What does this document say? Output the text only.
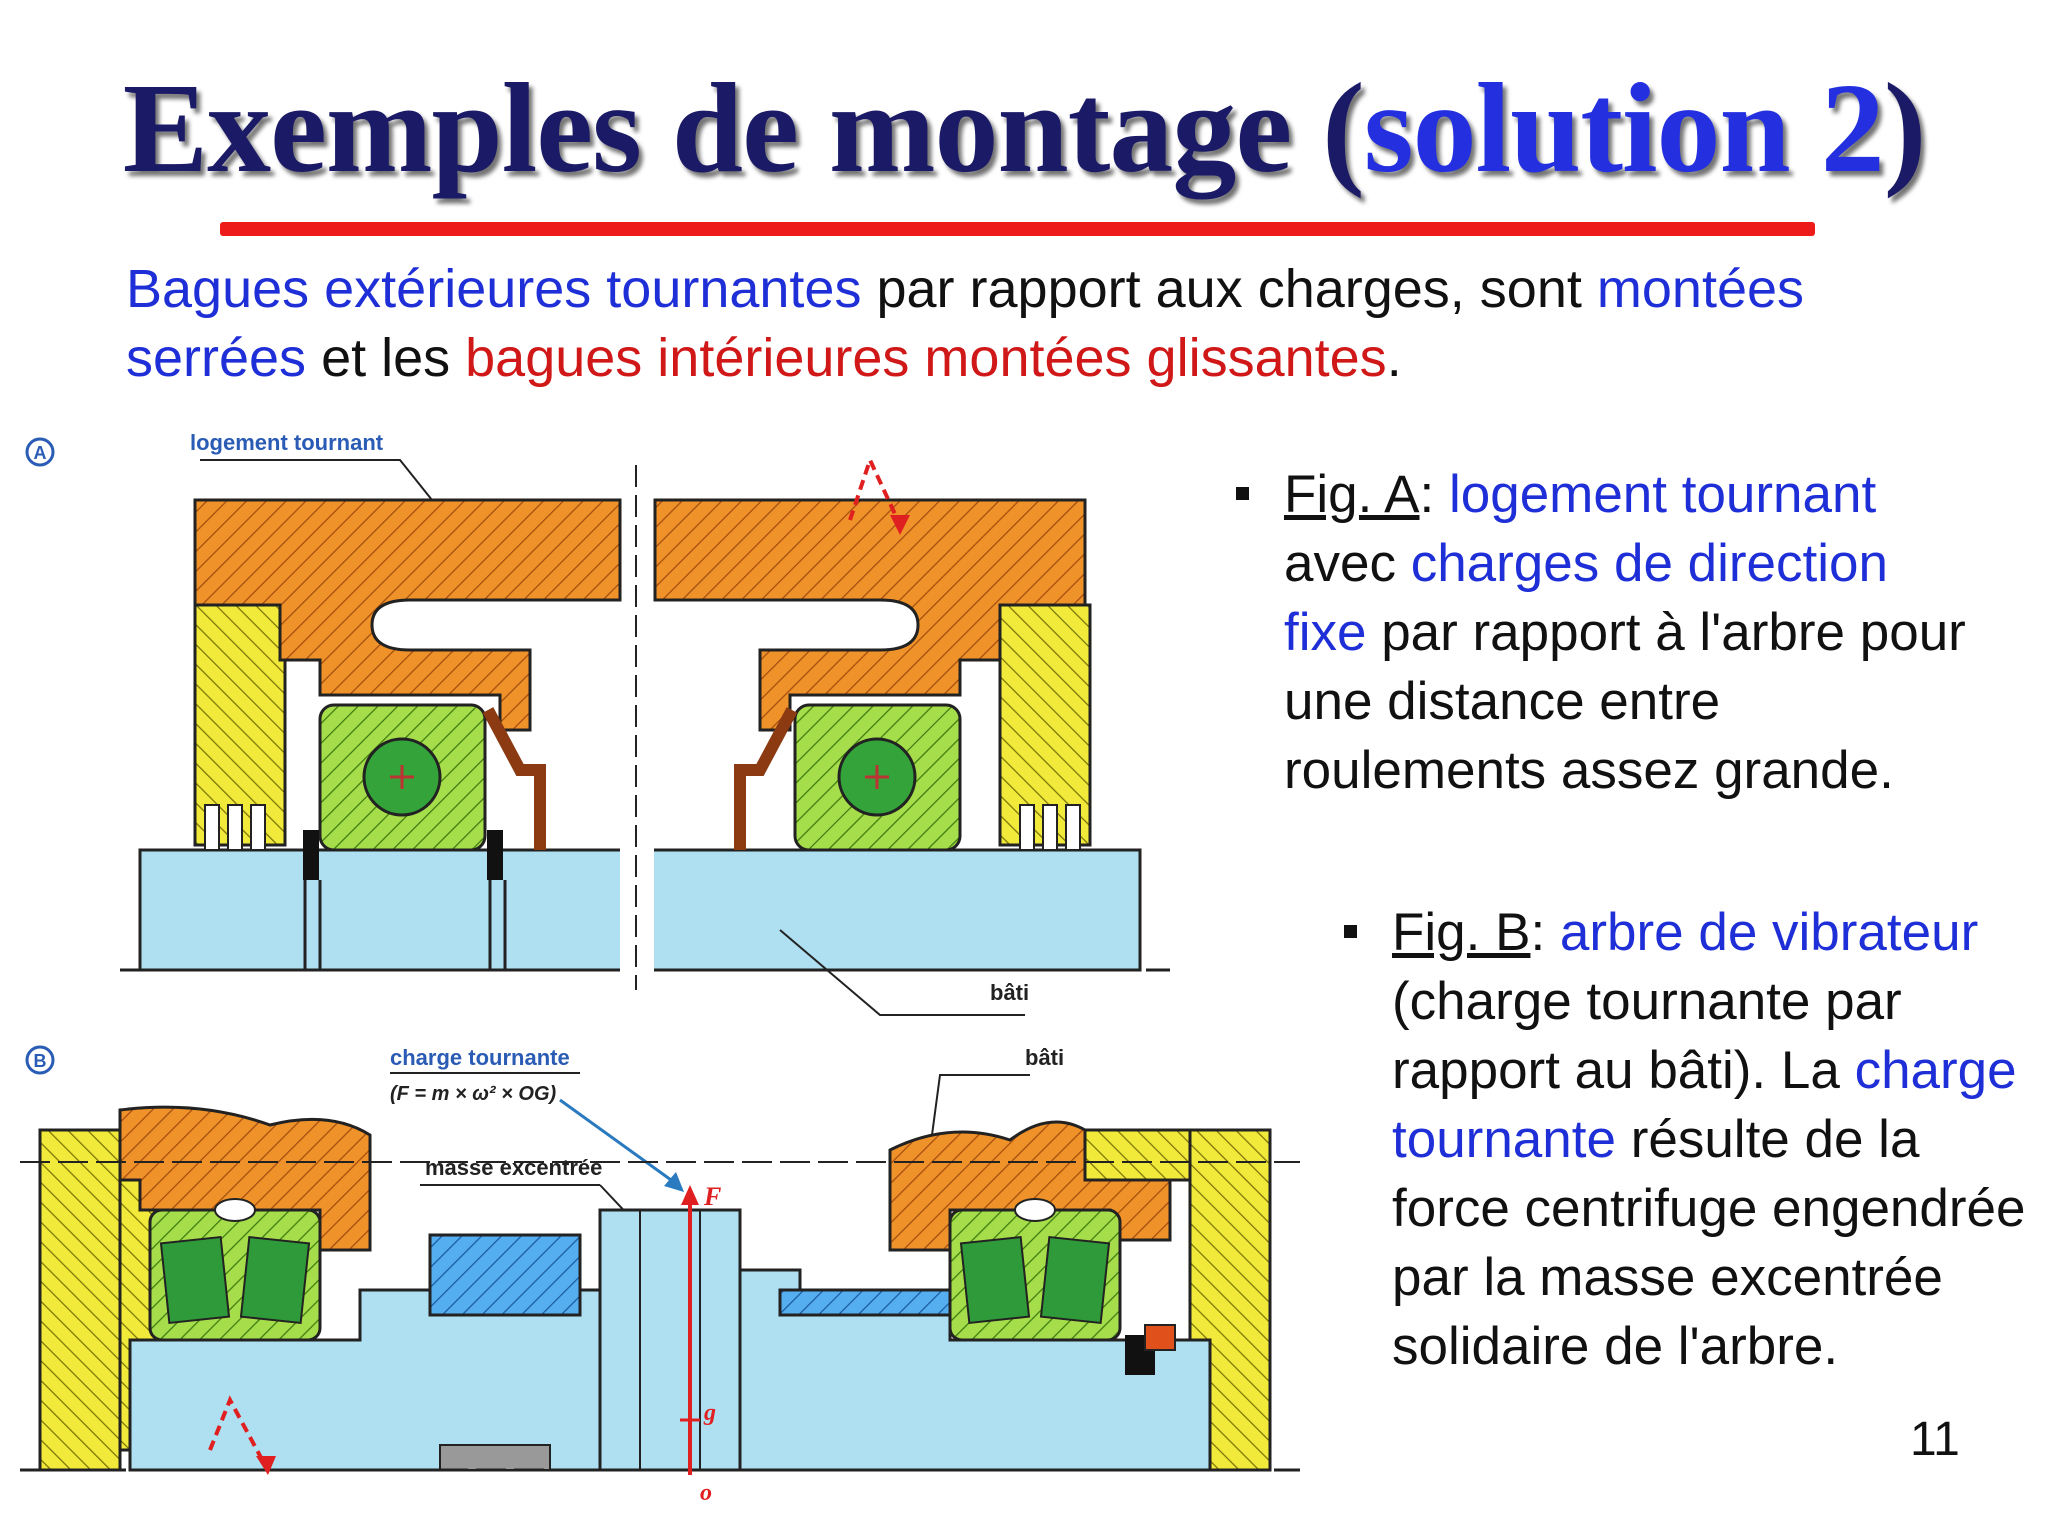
Exemples de montage (solution 2)
Bagues extérieures tournantes par rapport aux charges, sont montées serrées et les bagues intérieures montées glissantes.
Fig. A: logement tournant avec charges de direction fixe par rapport à l'arbre pour une distance entre roulements assez grande.
Fig. B: arbre de vibrateur (charge tournante par rapport au bâti). La charge tournante résulte de la force centrifuge engendrée par la masse excentrée solidaire de l'arbre.
11
A	logement tournant
bâti
B	charge tournante
(F = m × ω² × OG)
bâti
masse excentrée
F
g
o
